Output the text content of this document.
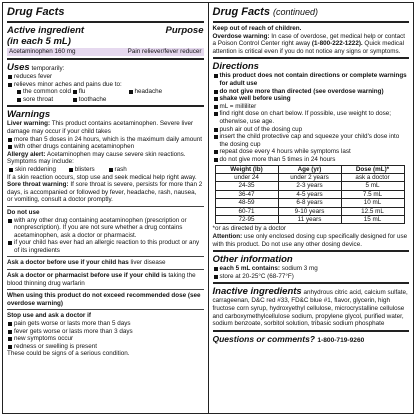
Drug Facts
Active ingredient
(in each 5 mL)
Purpose
Acetaminophen 160 mg	Pain reliever/fever reducer
Uses temporarily:
reduces fever
relieves minor aches and pains due to:
the common cold flu	headache
sore throat	toothache
Warnings
Liver warning: This product contains acetaminophen. Severe liver damage may occur if your child takes
more than 5 doses in 24 hours, which is the maximum daily amount
with other drugs containing acetaminophen
Allergy alert: Acetaminophen may cause severe skin reactions. Symptoms may include:
skin reddening	blisters	rash
If a skin reaction occurs, stop use and seek medical help right away.
Sore throat warning: If sore throat is severe, persists for more than 2 days, is accompanied or followed by fever, headache, rash, nausea, or vomiting, consult a doctor promptly.
Do not use
with any other drug containing acetaminophen (prescription or nonprescription). If you are not sure whether a drug contains acetaminophen, ask a doctor or pharmacist.
if your child has ever had an allergic reaction to this product or any of its ingredients
Ask a doctor before use if your child has liver disease
Ask a doctor or pharmacist before use if your child is taking the blood thinning drug warfarin
When using this product do not exceed recommended dose (see overdose warning)
Stop use and ask a doctor if
pain gets worse or lasts more than 5 days
fever gets worse or lasts more than 3 days
new symptoms occur
redness or swelling is present
These could be signs of a serious condition.
Drug Facts (continued)
Keep out of reach of children.
Overdose warning: In case of overdose, get medical help or contact a Poison Control Center right away (1-800-222-1222). Quick medical attention is critical even if you do not notice any signs or symptoms.
Directions
this product does not contain directions or complete warnings for adult use
do not give more than directed (see overdose warning)
shake well before using
mL = milliliter
find right dose on chart below. If possible, use weight to dose; otherwise, use age.
push air out of the dosing cup
insert the child protective cap and squeeze your child's dose into the dosing cup
repeat dose every 4 hours while symptoms last
do not give more than 5 times in 24 hours
Weight (lb)	Age (yr)	Dose (mL)*
under 24	under 2 years	ask a doctor
24-35	2-3 years	5 mL
36-47	4-5 years	7.5 mL
48-59	6-8 years	10 mL
60-71	9-10 years	12.5 mL
72-95	11 years	15 mL
*or as directed by a doctor
Attention: use only enclosed dosing cup specifically designed for use with this product. Do not use any other dosing device.
Other information
each 5 mL contains: sodium 3 mg
store at 20-25°C (68-77°F)
Inactive ingredients anhydrous citric acid, calcium sulfate, carrageenan, D&C red #33, FD&C blue #1, flavor, glycerin, high fructose corn syrup, hydroxyethyl cellulose, microcrystalline cellulose and carboxymethylcellulose sodium, propylene glycol, purified water, sodium benzoate, sorbitol solution, tribasic sodium phosphate
Questions or comments? 1-800-719-9260
